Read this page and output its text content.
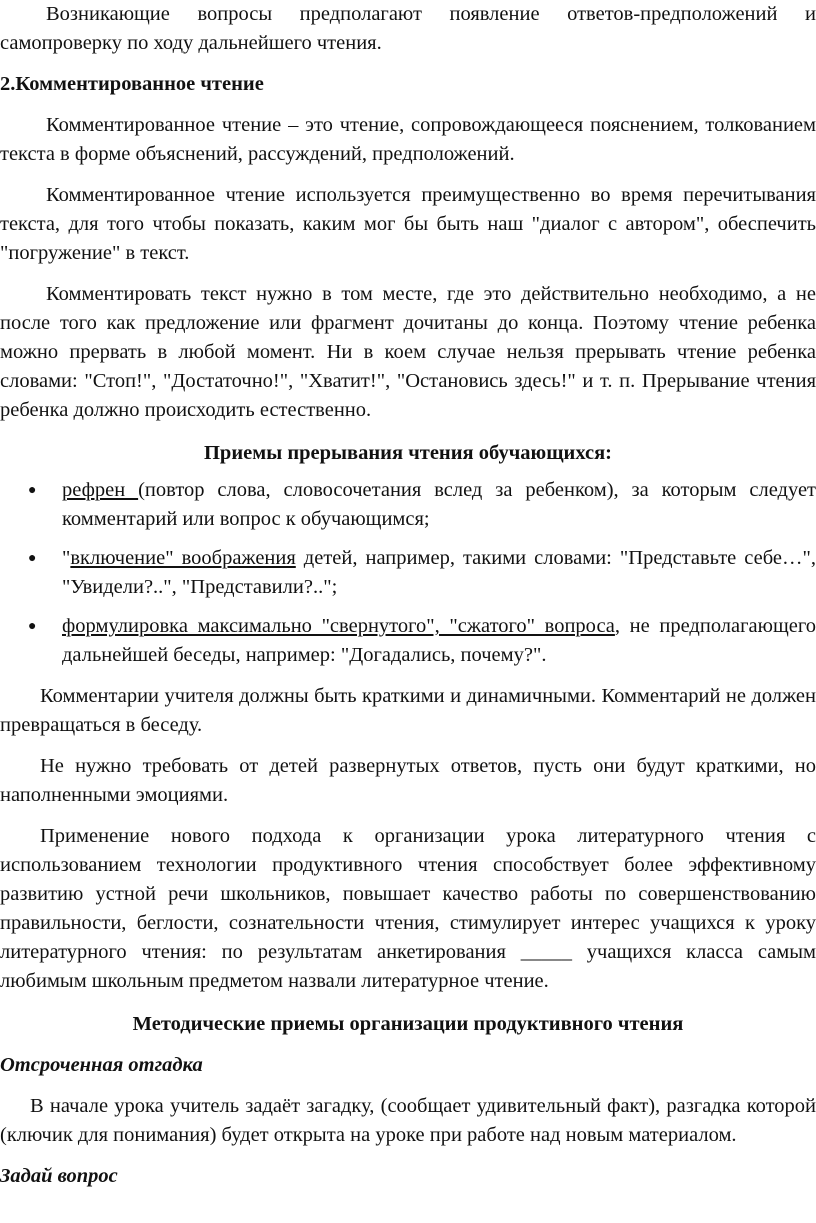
Возникающие вопросы предполагают появление ответов-предположений и самопроверку по ходу дальнейшего чтения.

2.Комментированное чтение

Комментированное чтение – это чтение, сопровождающееся пояснением, толкованием текста в форме объяснений, рассуждений, предположений.

Комментированное чтение используется преимущественно во время перечитывания текста, для того чтобы показать, каким мог бы быть наш "диалог с автором", обеспечить "погружение" в текст.

Комментировать текст нужно в том месте, где это действительно необходимо, а не после того как предложение или фрагмент дочитаны до конца. Поэтому чтение ребенка можно прервать в любой момент. Ни в коем случае нельзя прерывать чтение ребенка словами: "Стоп!", "Достаточно!", "Хватит!", "Остановись здесь!" и т. п. Прерывание чтения ребенка должно происходить естественно.

Приемы прерывания чтения обучающихся:

● рефрен (повтор слова, словосочетания вслед за ребенком), за которым следует комментарий или вопрос к обучающимся;
● "включение" воображения детей, например, такими словами: "Представьте себе…", "Увидели?..", "Представили?..";
● формулировка максимально "свернутого", "сжатого" вопроса, не предполагающего дальнейшей беседы, например: "Догадались, почему?".

Комментарии учителя должны быть краткими и динамичными. Комментарий не должен превращаться в беседу.

Не нужно требовать от детей развернутых ответов, пусть они будут краткими, но наполненными эмоциями.

Применение нового подхода к организации урока литературного чтения с использованием технологии продуктивного чтения способствует более эффективному развитию устной речи школьников, повышает качество работы по совершенствованию правильности, беглости, сознательности чтения, стимулирует интерес учащихся к уроку литературного чтения: по результатам анкетирования _____ учащихся класса самым любимым школьным предметом назвали литературное чтение.

Методические приемы организации продуктивного чтения

Отсроченная отгадка

В начале урока учитель задаёт загадку, (сообщает удивительный факт), разгадка которой (ключик для понимания) будет открыта на уроке при работе над новым материалом.

Задай вопрос
